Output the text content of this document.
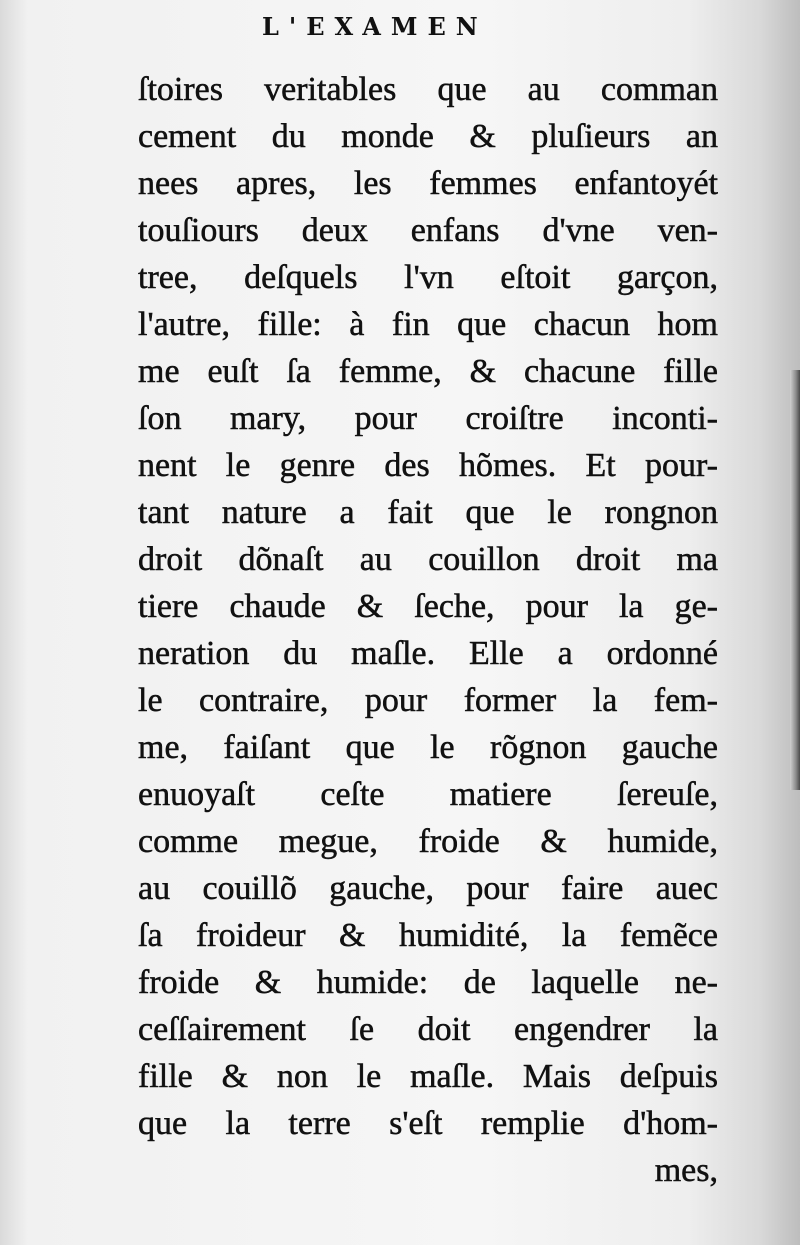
L'EXAMEN
ſtoires veritables que au comman
cement du monde & pluſieurs an
nees apres, les femmes enfantoyét
touſiours deux enfans d'vne ven-
tree, deſquels l'vn eſtoit garçon,
l'autre, fille: à fin que chacun hom
me euſt ſa femme, & chacune fille
ſon mary, pour croiſtre inconti-
nent le genre des hõmes. Et pour-
tant nature a fait que le rongnon
droit dõnaſt au couillon droit ma
tiere chaude & ſeche, pour la ge-
neration du maſle. Elle a ordonné
le contraire, pour former la fem-
me, faiſant que le rõgnon gauche
enuoyaſt ceſte matiere ſereuſe,
comme megue, froide & humide,
au couillõ gauche, pour faire auec
ſa froideur & humidité, la femẽce
froide & humide: de laquelle ne-
ceſſairement ſe doit engendrer la
fille & non le maſle. Mais deſpuis
que la terre s'eſt remplie d'hom-
mes,
